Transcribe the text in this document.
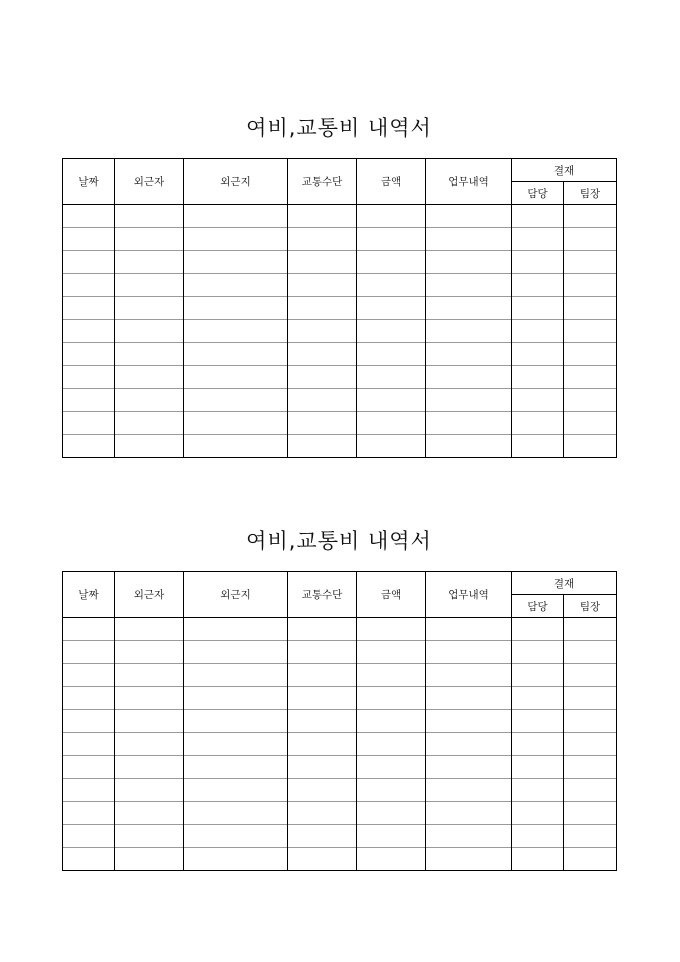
여비,교통비 내역서
날짜	외근자	외근지	교통수단	금액	업무내역	결재	
						담당	팀장

여비,교통비 내역서
날짜	외근자	외근지	교통수단	금액	업무내역	결재	
						담당	팀장
